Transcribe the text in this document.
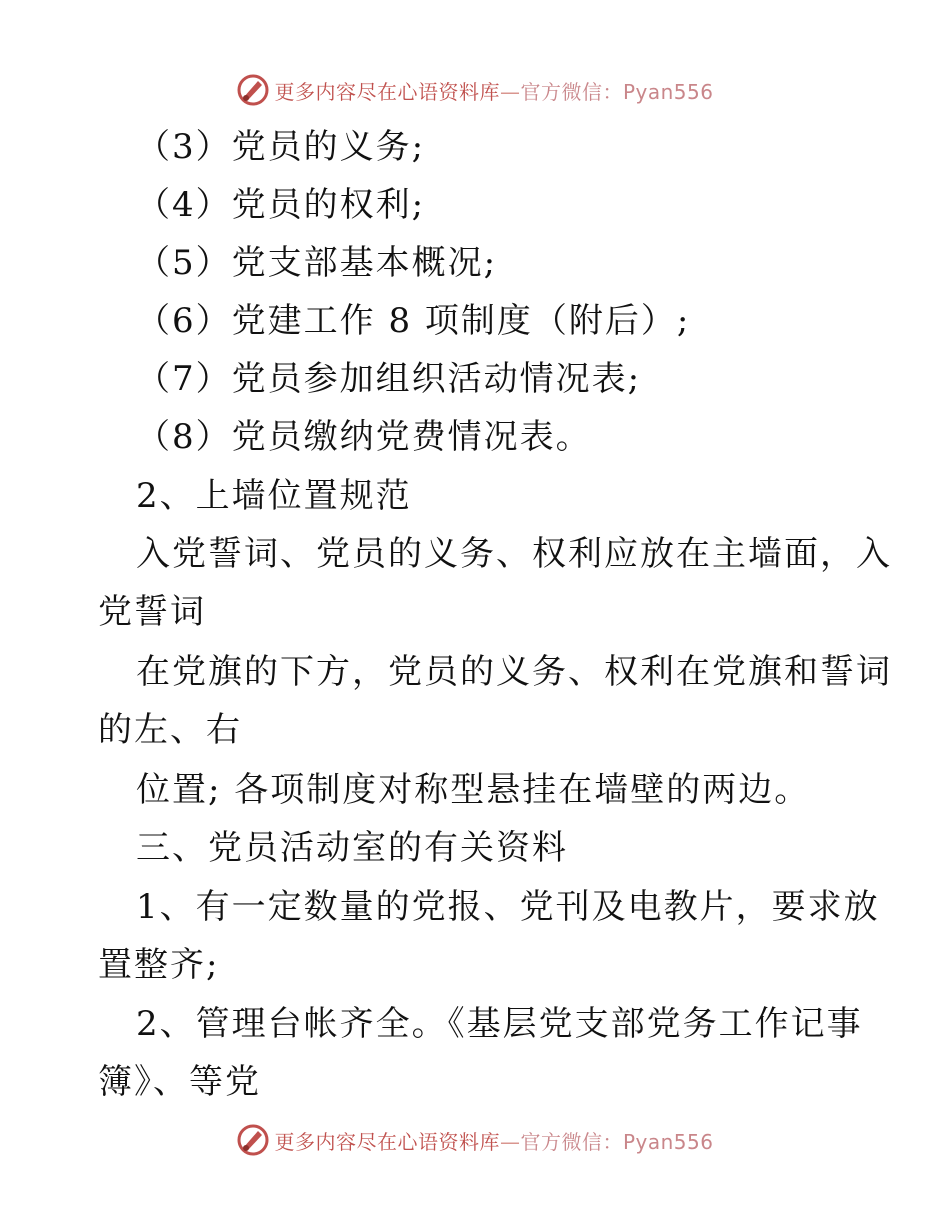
更多内容尽在心语资料库—官方微信：Pyan556
（3）党员的义务;
（4）党员的权利;
（5）党支部基本概况;
（6）党建工作 8 项制度（附后）;
（7）党员参加组织活动情况表;
（8）党员缴纳党费情况表。
2、上墙位置规范
入党誓词、党员的义务、权利应放在主墙面，入
党誓词
在党旗的下方，党员的义务、权利在党旗和誓词
的左、右
位置; 各项制度对称型悬挂在墙壁的两边。
三、党员活动室的有关资料
1、有一定数量的党报、党刊及电教片，要求放
置整齐;
2、管理台帐齐全。《基层党支部党务工作记事
簿》、等党
更多内容尽在心语资料库—官方微信：Pyan556
